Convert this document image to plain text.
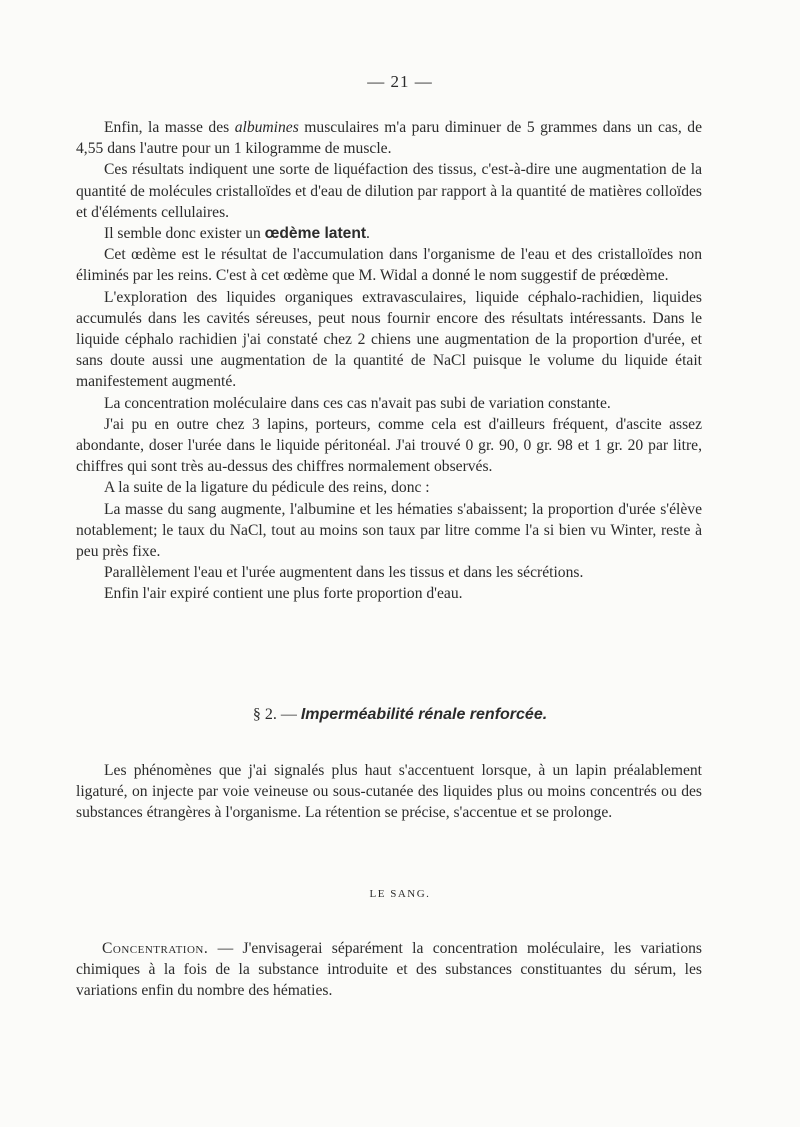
— 21 —

Enfin, la masse des albumines musculaires m'a paru diminuer de 5 grammes dans un cas, de 4,55 dans l'autre pour un 1 kilogramme de muscle.

Ces résultats indiquent une sorte de liquéfaction des tissus, c'est-à-dire une augmentation de la quantité de molécules cristalloïdes et d'eau de dilution par rapport à la quantité de matières colloïdes et d'éléments cellulaires.

Il semble donc exister un œdème latent.

Cet œdème est le résultat de l'accumulation dans l'organisme de l'eau et des cristalloïdes non éliminés par les reins. C'est à cet œdème que M. Widal a donné le nom suggestif de préœdème.

L'exploration des liquides organiques extravasculaires, liquide céphalo-rachidien, liquides accumulés dans les cavités séreuses, peut nous fournir encore des résultats intéressants. Dans le liquide céphalo rachidien j'ai constaté chez 2 chiens une augmentation de la proportion d'urée, et sans doute aussi une augmentation de la quantité de NaCl puisque le volume du liquide était manifestement augmenté.

La concentration moléculaire dans ces cas n'avait pas subi de variation constante.

J'ai pu en outre chez 3 lapins, porteurs, comme cela est d'ailleurs fréquent, d'ascite assez abondante, doser l'urée dans le liquide péritonéal. J'ai trouvé 0 gr. 90, 0 gr. 98 et 1 gr. 20 par litre, chiffres qui sont très au-dessus des chiffres normalement observés.

A la suite de la ligature du pédicule des reins, donc :

La masse du sang augmente, l'albumine et les hématies s'abaissent; la proportion d'urée s'élève notablement; le taux du NaCl, tout au moins son taux par litre comme l'a si bien vu Winter, reste à peu près fixe.

Parallèlement l'eau et l'urée augmentent dans les tissus et dans les sécrétions.

Enfin l'air expiré contient une plus forte proportion d'eau.

§ 2. — Imperméabilité rénale renforcée.

Les phénomènes que j'ai signalés plus haut s'accentuent lorsque, à un lapin préalablement ligaturé, on injecte par voie veineuse ou sous-cutanée des liquides plus ou moins concentrés ou des substances étrangères à l'organisme. La rétention se précise, s'accentue et se prolonge.

LE SANG.

Concentration. — J'envisagerai séparément la concentration moléculaire, les variations chimiques à la fois de la substance introduite et des substances constituantes du sérum, les variations enfin du nombre des hématies.
